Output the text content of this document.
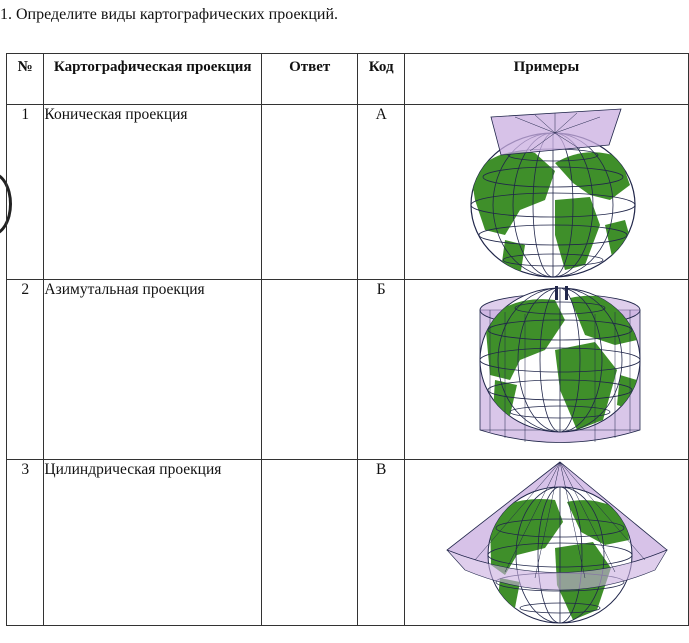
1. Определите виды картографических проекций.
№	Картографическая проекция	Ответ	Код	Примеры
1	Коническая проекция		А	

2	Азимутальная проекция		Б	

3	Цилиндрическая проекция		В	
